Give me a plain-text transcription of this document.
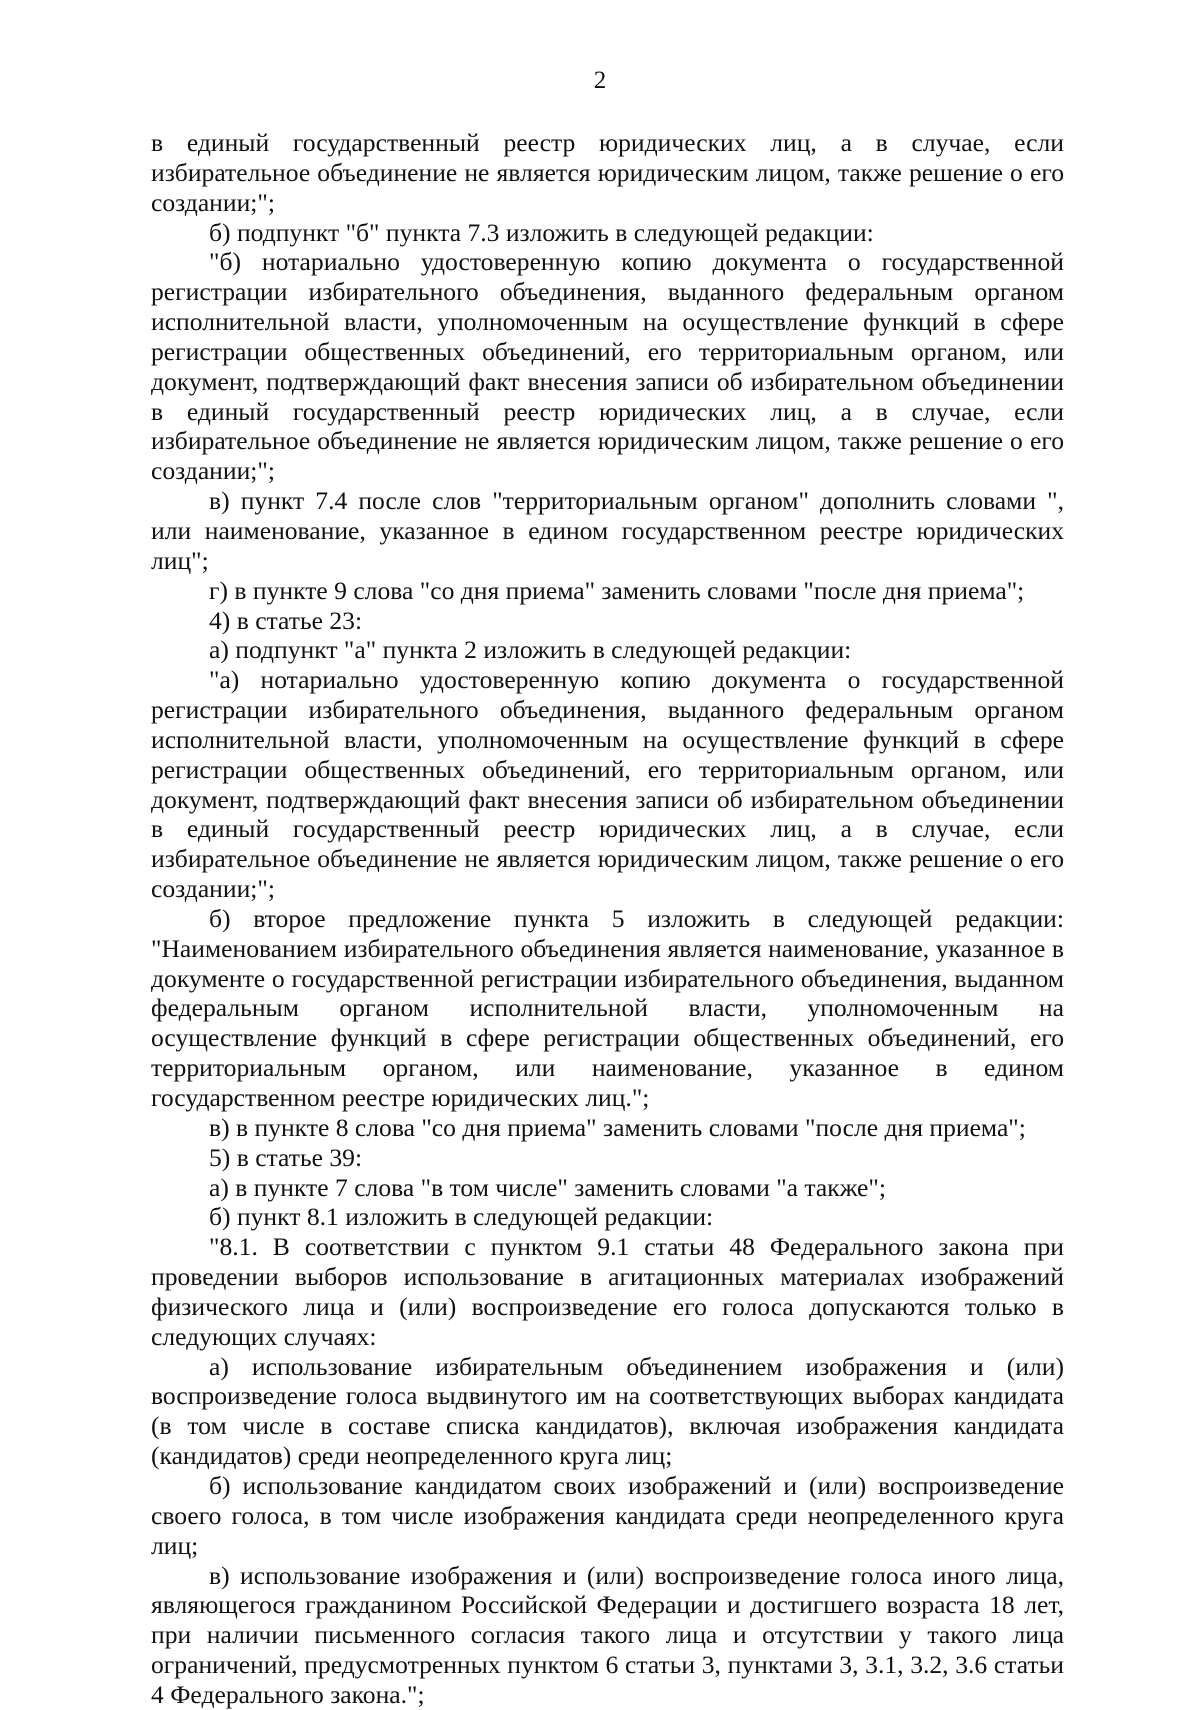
2

в единый государственный реестр юридических лиц, а в случае, если избирательное объединение не является юридическим лицом, также решение о его создании;";

б) подпункт "б" пункта 7.3 изложить в следующей редакции:

"б) нотариально удостоверенную копию документа о государственной регистрации избирательного объединения, выданного федеральным органом исполнительной власти, уполномоченным на осуществление функций в сфере регистрации общественных объединений, его территориальным органом, или документ, подтверждающий факт внесения записи об избирательном объединении в единый государственный реестр юридических лиц, а в случае, если избирательное объединение не является юридическим лицом, также решение о его создании;";

в) пункт 7.4 после слов "территориальным органом" дополнить словами ", или наименование, указанное в едином государственном реестре юридических лиц";

г) в пункте 9 слова "со дня приема" заменить словами "после дня приема";

4) в статье 23:

а) подпункт "а" пункта 2 изложить в следующей редакции:

"а) нотариально удостоверенную копию документа о государственной регистрации избирательного объединения, выданного федеральным органом исполнительной власти, уполномоченным на осуществление функций в сфере регистрации общественных объединений, его территориальным органом, или документ, подтверждающий факт внесения записи об избирательном объединении в единый государственный реестр юридических лиц, а в случае, если избирательное объединение не является юридическим лицом, также решение о его создании;";

б) второе предложение пункта 5 изложить в следующей редакции: "Наименованием избирательного объединения является наименование, указанное в документе о государственной регистрации избирательного объединения, выданном федеральным органом исполнительной власти, уполномоченным на осуществление функций в сфере регистрации общественных объединений, его территориальным органом, или наименование, указанное в едином государственном реестре юридических лиц.";

в) в пункте 8 слова "со дня приема" заменить словами "после дня приема";

5) в статье 39:

а) в пункте 7 слова "в том числе" заменить словами "а также";

б) пункт 8.1 изложить в следующей редакции:

"8.1. В соответствии с пунктом 9.1 статьи 48 Федерального закона при проведении выборов использование в агитационных материалах изображений физического лица и (или) воспроизведение его голоса допускаются только в следующих случаях:

а) использование избирательным объединением изображения и (или) воспроизведение голоса выдвинутого им на соответствующих выборах кандидата (в том числе в составе списка кандидатов), включая изображения кандидата (кандидатов) среди неопределенного круга лиц;

б) использование кандидатом своих изображений и (или) воспроизведение своего голоса, в том числе изображения кандидата среди неопределенного круга лиц;

в) использование изображения и (или) воспроизведение голоса иного лица, являющегося гражданином Российской Федерации и достигшего возраста 18 лет, при наличии письменного согласия такого лица и отсутствии у такого лица ограничений, предусмотренных пунктом 6 статьи 3, пунктами 3, 3.1, 3.2, 3.6 статьи 4 Федерального закона.";
